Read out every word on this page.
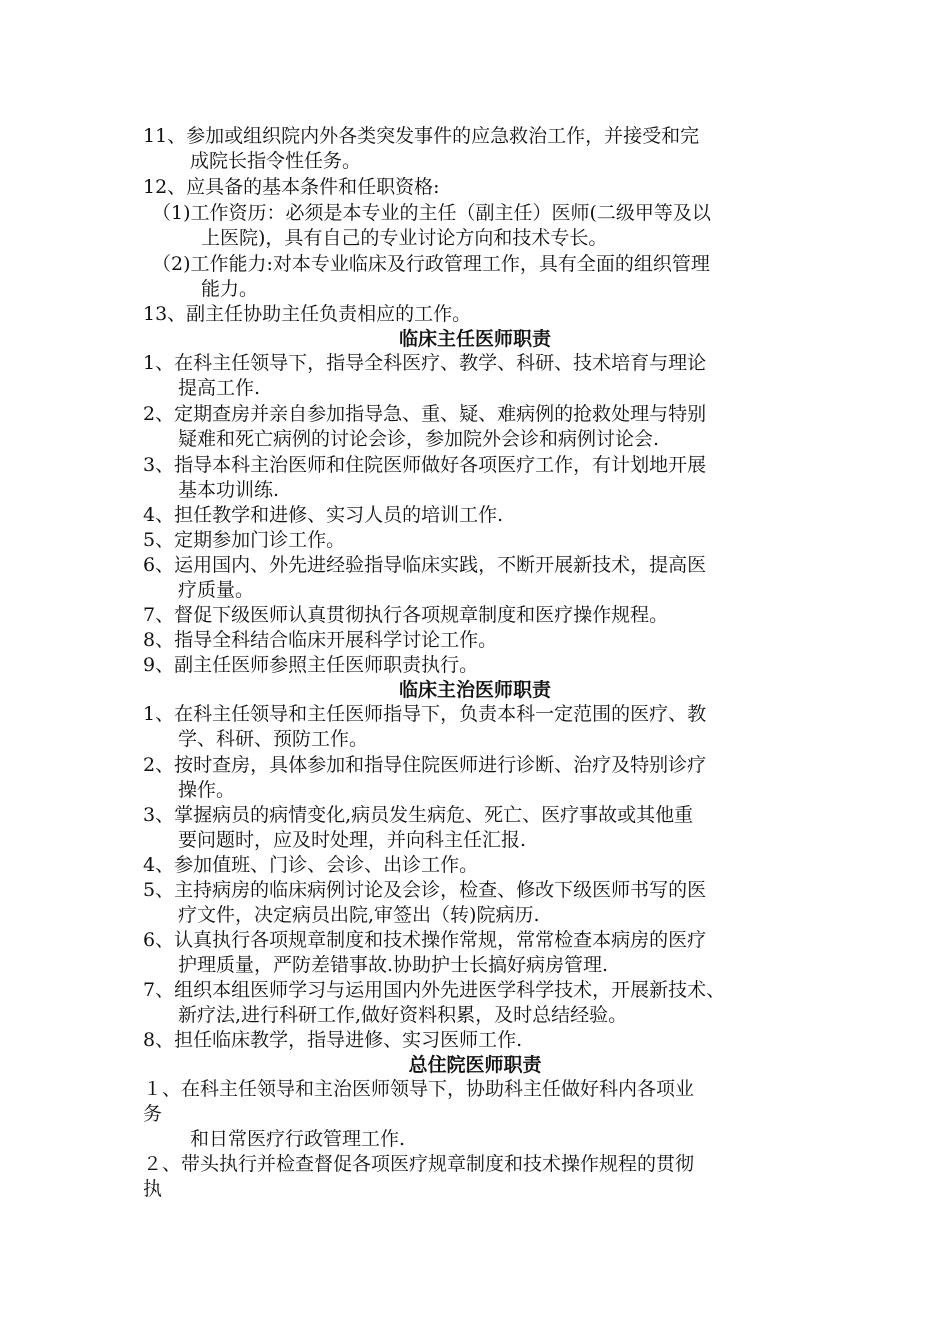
11、参加或组织院内外各类突发事件的应急救治工作，并接受和完
成院长指令性任务。
12、应具备的基本条件和任职资格:
（1)工作资历：必须是本专业的主任（副主任）医师(二级甲等及以
上医院)，具有自己的专业讨论方向和技术专长。
（2)工作能力:对本专业临床及行政管理工作，具有全面的组织管理
能力。
13、副主任协助主任负责相应的工作。
临床主任医师职责
1、在科主任领导下，指导全科医疗、教学、科研、技术培育与理论
提高工作.
2、定期查房并亲自参加指导急、重、疑、难病例的抢救处理与特别
疑难和死亡病例的讨论会诊，参加院外会诊和病例讨论会.
3、指导本科主治医师和住院医师做好各项医疗工作，有计划地开展
基本功训练.
4、担任教学和进修、实习人员的培训工作.
5、定期参加门诊工作。
6、运用国内、外先进经验指导临床实践，不断开展新技术，提高医
疗质量。
7、督促下级医师认真贯彻执行各项规章制度和医疗操作规程。
8、指导全科结合临床开展科学讨论工作。
9、副主任医师参照主任医师职责执行。
临床主治医师职责
1、在科主任领导和主任医师指导下，负责本科一定范围的医疗、教
学、科研、预防工作。
2、按时查房，具体参加和指导住院医师进行诊断、治疗及特别诊疗
操作。
3、掌握病员的病情变化,病员发生病危、死亡、医疗事故或其他重
要问题时，应及时处理，并向科主任汇报.
4、参加值班、门诊、会诊、出诊工作。
5、主持病房的临床病例讨论及会诊，检查、修改下级医师书写的医
疗文件，决定病员出院,审签出（转)院病历.
6、认真执行各项规章制度和技术操作常规，常常检查本病房的医疗
护理质量，严防差错事故.协助护士长搞好病房管理.
7、组织本组医师学习与运用国内外先进医学科学技术，开展新技术、
新疗法,进行科研工作,做好资料积累，及时总结经验。
8、担任临床教学，指导进修、实习医师工作.
总住院医师职责
１、在科主任领导和主治医师领导下，协助科主任做好科内各项业
务
和日常医疗行政管理工作.
２、带头执行并检查督促各项医疗规章制度和技术操作规程的贯彻
执
